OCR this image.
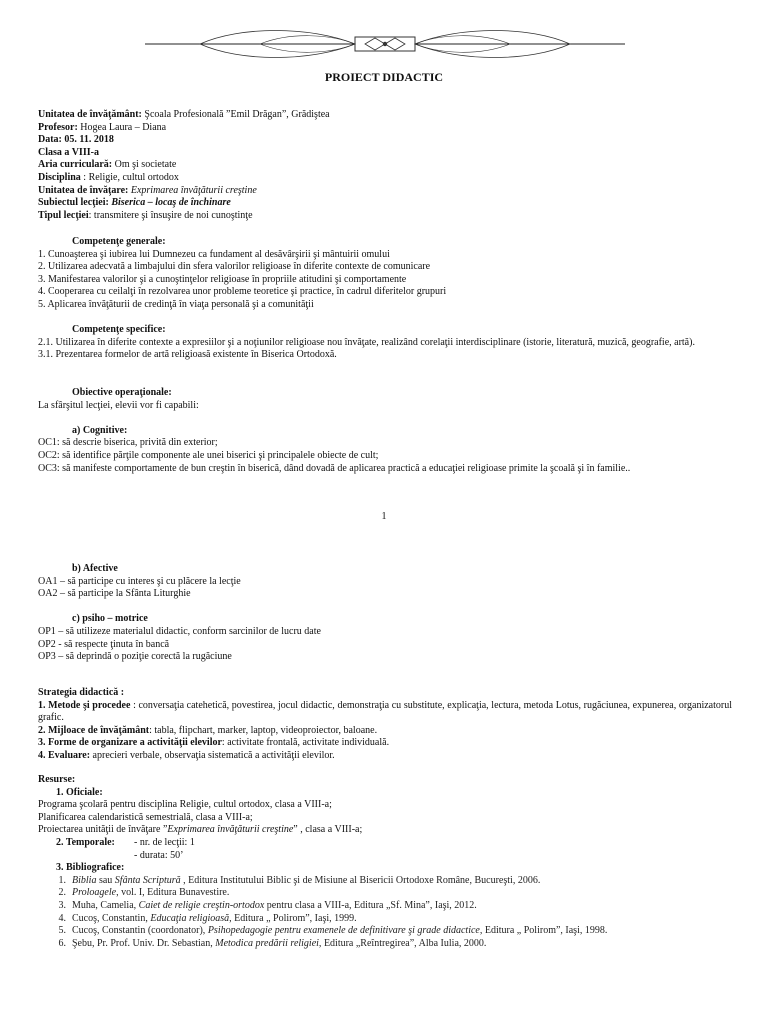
PROIECT DIDACTIC
Unitatea de învăţământ: Şcoala Profesională ”Emil Drăgan”, Grădiştea
Profesor: Hogea Laura – Diana
Data: 05. 11. 2018
Clasa a VIII-a
Aria curriculară: Om şi societate
Disciplina : Religie, cultul ortodox
Unitatea de învăţare: Exprimarea învăţăturii creştine
Subiectul lecţiei: Biserica – locaş de închinare
Tipul lecţiei: transmitere şi însuşire de noi cunoştinţe
Competenţe generale:
1. Cunoaşterea şi iubirea lui Dumnezeu ca fundament al desăvârşirii şi mântuirii omului
2. Utilizarea adecvată a limbajului din sfera valorilor religioase în diferite contexte de comunicare
3. Manifestarea valorilor şi a cunoştinţelor religioase în propriile atitudini şi comportamente
4. Cooperarea cu ceilalţi în rezolvarea unor probleme teoretice şi practice, în cadrul diferitelor grupuri
5. Aplicarea învăţăturii de credinţă în viaţa personală şi a comunităţii
Competenţe specifice:
2.1. Utilizarea în diferite contexte a expresiilor şi a noţiunilor religioase nou învăţate, realizând corelaţii interdisciplinare (istorie, literatură, muzică, geografie, artă).
3.1. Prezentarea formelor de artă religioasă existente în Biserica Ortodoxă.
Obiective operaţionale:
La sfârşitul lecţiei, elevii vor fi capabili:

a) Cognitive:
OC1: să descrie biserica, privită din exterior;
OC2: să identifice părţile componente ale unei biserici şi principalele obiecte de cult;
OC3: să manifeste comportamente de bun creştin în biserică, dând dovadă de aplicarea practică a educaţiei religioase primite la şcoală şi în familie..
1
b) Afective
OA1 – să participe cu interes şi cu plăcere la lecţie
OA2 – să participe la Sfânta Liturghie

c) psiho – motrice
OP1 – să utilizeze materialul didactic, conform sarcinilor de lucru date
OP2 - să respecte ţinuta în bancă
OP3 – să deprindă o poziţie corectă la rugăciune
Strategia didactică :
1. Metode şi procedee : conversaţia catehetică, povestirea, jocul didactic, demonstraţia cu substitute, explicaţia, lectura, metoda Lotus, rugăciunea, expunerea, organizatorul grafic.
2. Mijloace de învăţământ: tabla, flipchart, marker, laptop, videoproiector, baloane.
3. Forme de organizare a activităţii elevilor: activitate frontală, activitate individuală.
4. Evaluare: aprecieri verbale, observaţia sistematică a activităţii elevilor.
Resurse:
1. Oficiale:
Programa şcolară pentru disciplina Religie, cultul ortodox, clasa a VIII-a;
Planificarea calendaristică semestrială, clasa a VIII-a;
Proiectarea unităţii de învăţare ”Exprimarea învăţăturii creştine” , clasa a VIII-a;
2. Temporale: - nr. de lecţii: 1
- durata: 50’
3. Bibliografice:
1. Biblia sau Sfânta Scriptură , Editura Institutului Biblic şi de Misiune al Bisericii Ortodoxe Române, Bucureşti, 2006.
2. Proloagele, vol. I, Editura Bunavestire.
3. Muha, Camelia, Caiet de religie creştin-ortodox pentru clasa a VIII-a, Editura „Sf. Mina”, Iaşi, 2012.
4. Cucoş, Constantin, Educaţia religioasă, Editura „ Polirom”, Iaşi, 1999.
5. Cucoş, Constantin (coordonator), Psihopedagogie pentru examenele de definitivare şi grade didactice, Editura „ Polirom”, Iaşi, 1998.
6. Şebu, Pr. Prof. Univ. Dr. Sebastian, Metodica predării religiei, Editura „Reîntregirea”, Alba Iulia, 2000.
